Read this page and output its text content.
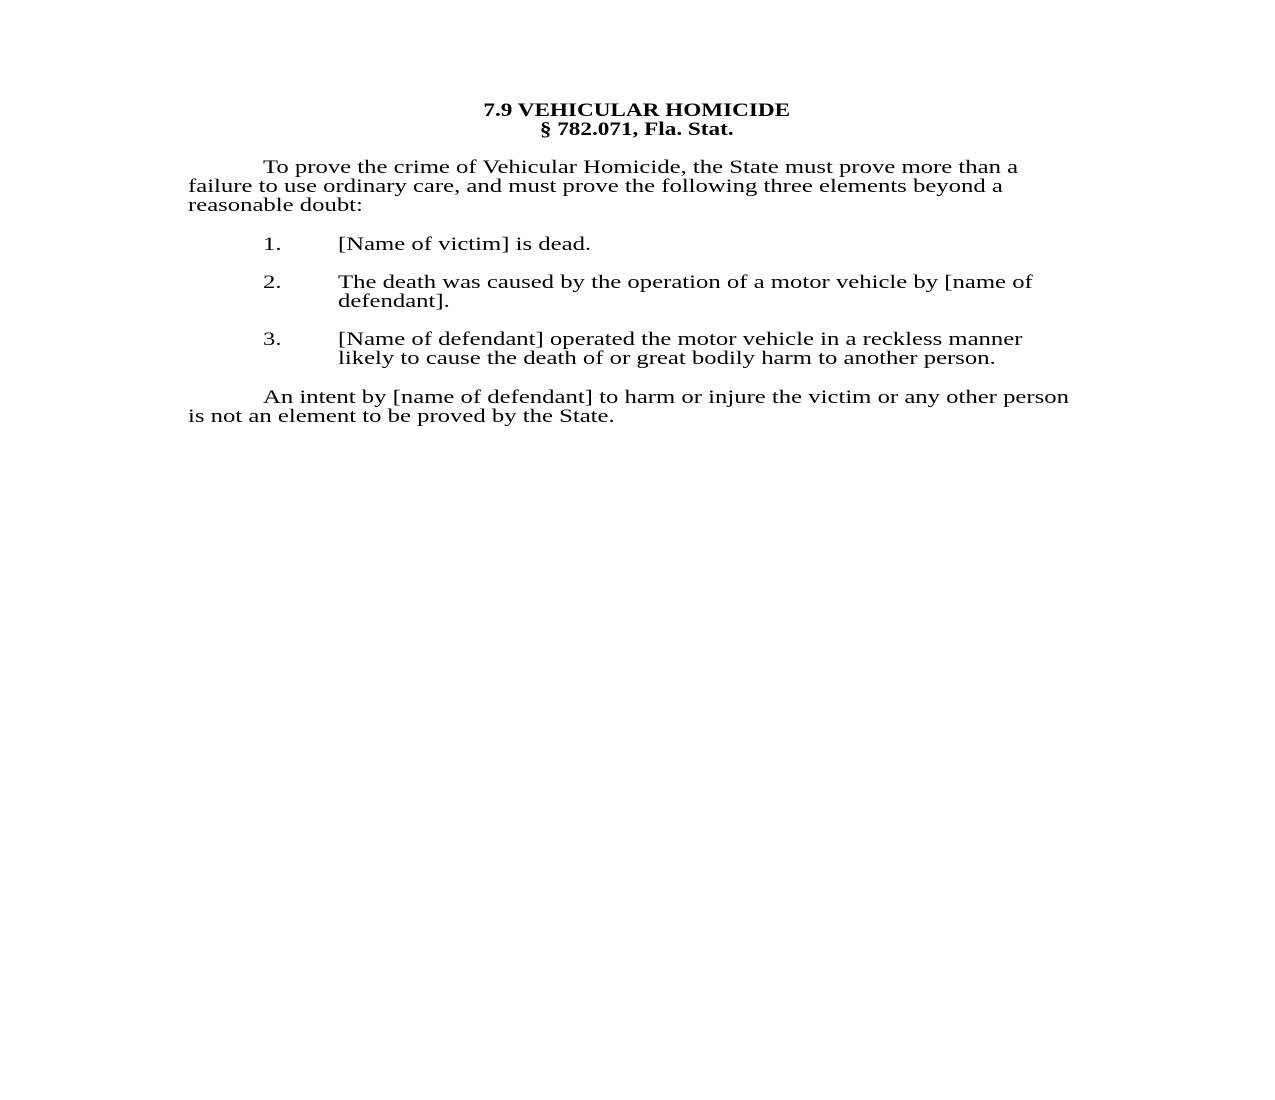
7.9 VEHICULAR HOMICIDE
§ 782.071, Fla. Stat.
To prove the crime of Vehicular Homicide, the State must prove more than a
failure to use ordinary care, and must prove the following three elements beyond a
reasonable doubt:
1.	[Name of victim] is dead.
2.	The death was caused by the operation of a motor vehicle by [name of
defendant].
3.	[Name of defendant] operated the motor vehicle in a reckless manner
likely to cause the death of or great bodily harm to another person.
An intent by [name of defendant] to harm or injure the victim or any other person
is not an element to be proved by the State.
